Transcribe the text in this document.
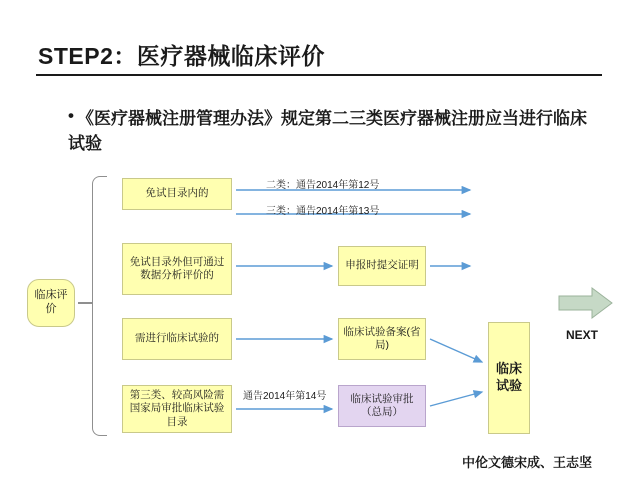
STEP2：医疗器械临床评价
• 《医疗器械注册管理办法》规定第二三类医疗器械注册应当进行临床试验
临床评价
免试目录内的
免试目录外但可通过数据分析评价的
需进行临床试验的
第三类、较高风险需国家局审批临床试验目录
申报时提交证明
临床试验备案(省局)
临床试验审批（总局）
临床试验
二类：通告2014年第12号
三类：通告2014年第13号
通告2014年第14号
NEXT
中伦文德宋成、王志坚
